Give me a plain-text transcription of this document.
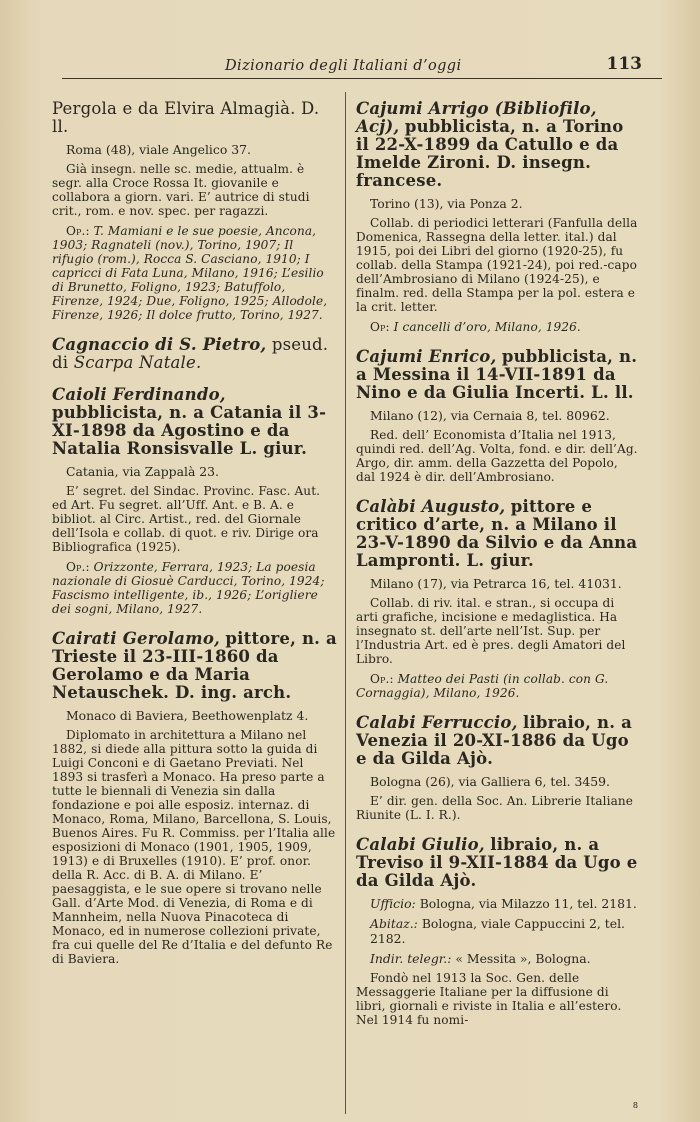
Dizionario degli Italiani d’oggi	113
Pergola e da Elvira Almagià. D. ll.
Roma (48), viale Angelico 37.
Già insegn. nelle sc. medie, attualm. è segr. alla Croce Rossa It. giovanile e collabora a giorn. vari. E’ autrice di studi crit., rom. e nov. spec. per ragazzi.
Op.: T. Mamiani e le sue poesie, Ancona, 1903; Ragnateli (nov.), Torino, 1907; Il rifugio (rom.), Rocca S. Casciano, 1910; I capricci di Fata Luna, Milano, 1916; L’esilio di Brunetto, Foligno, 1923; Batuffolo, Firenze, 1924; Due, Foligno, 1925; Allodole, Firenze, 1926; Il dolce frutto, Torino, 1927.
Cagnaccio di S. Pietro, pseud. di Scarpa Natale.
Caioli Ferdinando, pubblicista, n. a Catania il 3-XI-1898 da Agostino e da Natalia Ronsisvalle L. giur.
Catania, via Zappalà 23.
E’ segret. del Sindac. Provinc. Fasc. Aut. ed Art. Fu segret. all’Uff. Ant. e B. A. e bibliot. al Circ. Artist., red. del Giornale dell’Isola e collab. di quot. e riv. Dirige ora Bibliografica (1925).
Op.: Orizzonte, Ferrara, 1923; La poesia nazionale di Giosuè Carducci, Torino, 1924; Fascismo intelligente, ib., 1926; L’origliere dei sogni, Milano, 1927.
Cairati Gerolamo, pittore, n. a Trieste il 23-III-1860 da Gerolamo e da Maria Netauschek. D. ing. arch.
Monaco di Baviera, Beethowenplatz 4.
Diplomato in architettura a Milano nel 1882, si diede alla pittura sotto la guida di Luigi Conconi e di Gaetano Previati. Nel 1893 si trasferì a Monaco. Ha preso parte a tutte le biennali di Venezia sin dalla fondazione e poi alle esposiz. internaz. di Monaco, Roma, Milano, Barcellona, S. Louis, Buenos Aires. Fu R. Commiss. per l’Italia alle esposizioni di Monaco (1901, 1905, 1909, 1913) e di Bruxelles (1910). E’ prof. onor. della R. Acc. di B. A. di Milano. E’ paesaggista, e le sue opere si trovano nelle Gall. d’Arte Mod. di Venezia, di Roma e di Mannheim, nella Nuova Pinacoteca di Monaco, ed in numerose collezioni private, fra cui quelle del Re d’Italia e del defunto Re di Baviera.
Cajumi Arrigo (Bibliofilo, Acj), pubblicista, n. a Torino il 22-X-1899 da Catullo e da Imelde Zironi. D. insegn. francese.
Torino (13), via Ponza 2.
Collab. di periodici letterari (Fanfulla della Domenica, Rassegna della letter. ital.) dal 1915, poi dei Libri del giorno (1920-25), fu collab. della Stampa (1921-24), poi red.-capo dell’Ambrosiano di Milano (1924-25), e finalm. red. della Stampa per la pol. estera e la crit. letter.
Op: I cancelli d’oro, Milano, 1926.
Cajumi Enrico, pubblicista, n. a Messina il 14-VII-1891 da Nino e da Giulia Incerti. L. ll.
Milano (12), via Cernaia 8, tel. 80962.
Red. dell’ Economista d’Italia nel 1913, quindi red. dell’Ag. Volta, fond. e dir. dell’Ag. Argo, dir. amm. della Gazzetta del Popolo, dal 1924 è dir. dell’Ambrosiano.
Calàbi Augusto, pittore e critico d’arte, n. a Milano il 23-V-1890 da Silvio e da Anna Lampronti. L. giur.
Milano (17), via Petrarca 16, tel. 41031.
Collab. di riv. ital. e stran., si occupa di arti grafiche, incisione e medaglistica. Ha insegnato st. dell’arte nell’Ist. Sup. per l’Industria Art. ed è pres. degli Amatori del Libro.
Op.: Matteo dei Pasti (in collab. con G. Cornaggia), Milano, 1926.
Calabi Ferruccio, libraio, n. a Venezia il 20-XI-1886 da Ugo e da Gilda Ajò.
Bologna (26), via Galliera 6, tel. 3459.
E’ dir. gen. della Soc. An. Librerie Italiane Riunite (L. I. R.).
Calabi Giulio, libraio, n. a Treviso il 9-XII-1884 da Ugo e da Gilda Ajò.
Ufficio: Bologna, via Milazzo 11, tel. 2181.
Abitaz.: Bologna, viale Cappuccini 2, tel. 2182.
Indir. telegr.: « Messita », Bologna.
Fondò nel 1913 la Soc. Gen. delle Messaggerie Italiane per la diffusione di libri, giornali e riviste in Italia e all’estero. Nel 1914 fu nomi-
8
